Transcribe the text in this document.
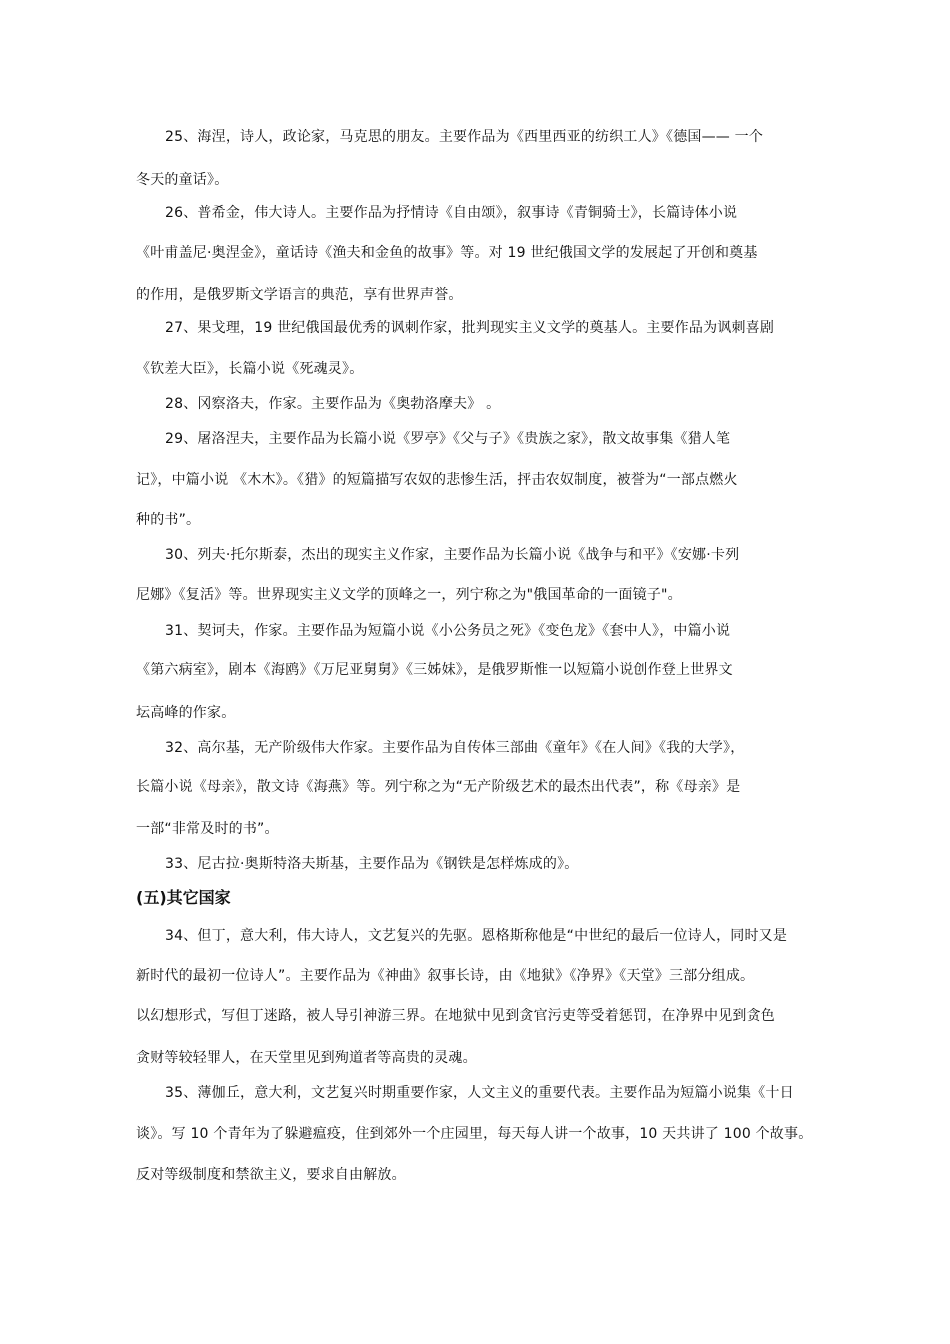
25、海涅，诗人，政论家，马克思的朋友。主要作品为《西里西亚的纺织工人》《德国—— 一个
冬天的童话》。
26、普希金，伟大诗人。主要作品为抒情诗《自由颂》，叙事诗《青铜骑士》，长篇诗体小说
《叶甫盖尼·奥涅金》，童话诗《渔夫和金鱼的故事》等。对 19 世纪俄国文学的发展起了开创和奠基
的作用，是俄罗斯文学语言的典范，享有世界声誉。
27、果戈理，19 世纪俄国最优秀的讽刺作家，批判现实主义文学的奠基人。主要作品为讽刺喜剧
《钦差大臣》，长篇小说《死魂灵》。
28、冈察洛夫，作家。主要作品为《奥勃洛摩夫》 。
29、屠洛涅夫，主要作品为长篇小说《罗亭》《父与子》《贵族之家》，散文故事集《猎人笔
记》，中篇小说 《木木》。《猎》的短篇描写农奴的悲惨生活，抨击农奴制度，被誉为“一部点燃火
种的书”。
30、列夫·托尔斯泰，杰出的现实主义作家，主要作品为长篇小说《战争与和平》《安娜·卡列
尼娜》《复活》等。世界现实主义文学的顶峰之一，列宁称之为"俄国革命的一面镜子"。
31、契诃夫，作家。主要作品为短篇小说《小公务员之死》《变色龙》《套中人》，中篇小说
《第六病室》，剧本《海鸥》《万尼亚舅舅》《三姊妹》，是俄罗斯惟一以短篇小说创作登上世界文
坛高峰的作家。
32、高尔基，无产阶级伟大作家。主要作品为自传体三部曲《童年》《在人间》《我的大学》，
长篇小说《母亲》，散文诗《海燕》等。列宁称之为“无产阶级艺术的最杰出代表”，称《母亲》是
一部“非常及时的书”。
33、尼古拉·奥斯特洛夫斯基，主要作品为《钢铁是怎样炼成的》。
(五)其它国家
34、但丁，意大利，伟大诗人，文艺复兴的先驱。恩格斯称他是“中世纪的最后一位诗人，同时又是
新时代的最初一位诗人”。主要作品为《神曲》叙事长诗，由《地狱》《净界》《天堂》三部分组成。
以幻想形式，写但丁迷路，被人导引神游三界。在地狱中见到贪官污吏等受着惩罚，在净界中见到贪色
贪财等较轻罪人，在天堂里见到殉道者等高贵的灵魂。
35、薄伽丘，意大利，文艺复兴时期重要作家，人文主义的重要代表。主要作品为短篇小说集《十日
谈》。写 10 个青年为了躲避瘟疫，住到郊外一个庄园里，每天每人讲一个故事，10 天共讲了 100 个故事。
反对等级制度和禁欲主义，要求自由解放。
